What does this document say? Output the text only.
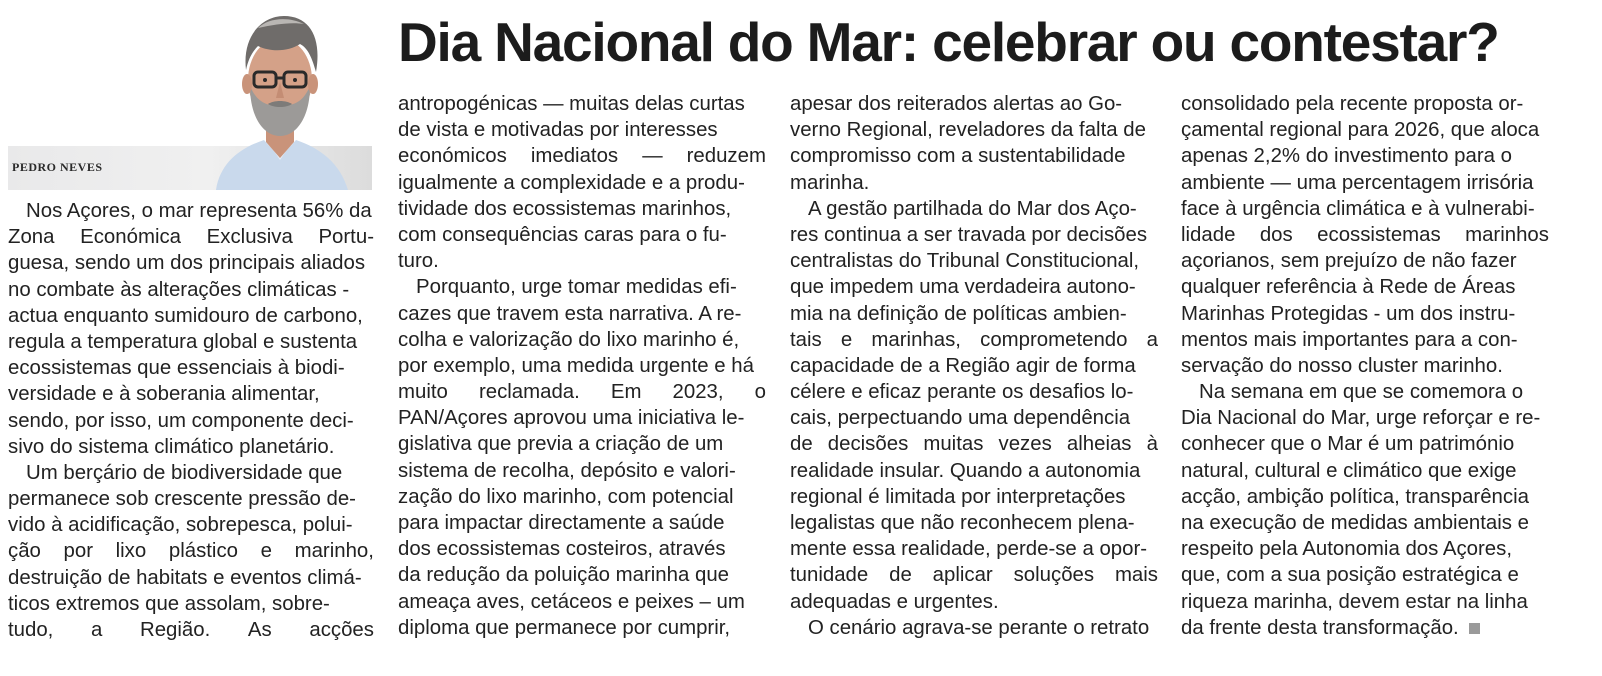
Dia Nacional do Mar: celebrar ou contestar?
PEDRO NEVES

Nos Açores, o mar representa 56% da
Zona Económica Exclusiva Portu-
guesa, sendo um dos principais aliados
no combate às alterações climáticas -
actua enquanto sumidouro de carbono,
regula a temperatura global e sustenta
ecossistemas que essenciais à biodi-
versidade e à soberania alimentar,
sendo, por isso, um componente deci-
sivo do sistema climático planetário.

Um berçário de biodiversidade que
permanece sob crescente pressão de-
vido à acidificação, sobrepesca, polui-
ção por lixo plástico e marinho,
destruição de habitats e eventos climá-
ticos extremos que assolam, sobre-
tudo, a Região. As acções

antropogénicas — muitas delas curtas
de vista e motivadas por interesses
económicos imediatos — reduzem
igualmente a complexidade e a produ-
tividade dos ecossistemas marinhos,
com consequências caras para o fu-
turo.

Porquanto, urge tomar medidas efi-
cazes que travem esta narrativa. A re-
colha e valorização do lixo marinho é,
por exemplo, uma medida urgente e há
muito reclamada. Em 2023, o
PAN/Açores aprovou uma iniciativa le-
gislativa que previa a criação de um
sistema de recolha, depósito e valori-
zação do lixo marinho, com potencial
para impactar directamente a saúde
dos ecossistemas costeiros, através
da redução da poluição marinha que
ameaça aves, cetáceos e peixes – um
diploma que permanece por cumprir,

apesar dos reiterados alertas ao Go-
verno Regional, reveladores da falta de
compromisso com a sustentabilidade
marinha.

A gestão partilhada do Mar dos Aço-
res continua a ser travada por decisões
centralistas do Tribunal Constitucional,
que impedem uma verdadeira autono-
mia na definição de políticas ambien-
tais e marinhas, comprometendo a
capacidade de a Região agir de forma
célere e eficaz perante os desafios lo-
cais, perpectuando uma dependência
de decisões muitas vezes alheias à
realidade insular. Quando a autonomia
regional é limitada por interpretações
legalistas que não reconhecem plena-
mente essa realidade, perde-se a opor-
tunidade de aplicar soluções mais
adequadas e urgentes.

O cenário agrava-se perante o retrato

consolidado pela recente proposta or-
çamental regional para 2026, que aloca
apenas 2,2% do investimento para o
ambiente — uma percentagem irrisória
face à urgência climática e à vulnerabi-
lidade dos ecossistemas marinhos
açorianos, sem prejuízo de não fazer
qualquer referência à Rede de Áreas
Marinhas Protegidas - um dos instru-
mentos mais importantes para a con-
servação do nosso cluster marinho.

Na semana em que se comemora o
Dia Nacional do Mar, urge reforçar e re-
conhecer que o Mar é um património
natural, cultural e climático que exige
acção, ambição política, transparência
na execução de medidas ambientais e
respeito pela Autonomia dos Açores,
que, com a sua posição estratégica e
riqueza marinha, devem estar na linha
da frente desta transformação.
